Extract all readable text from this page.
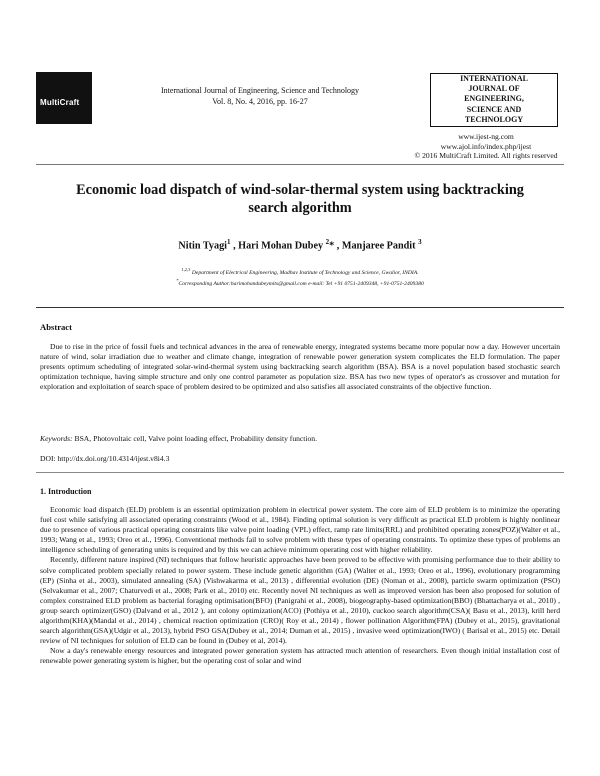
MultiCraft
International Journal of Engineering, Science and Technology
Vol. 8, No. 4, 2016, pp. 16-27
INTERNATIONAL
JOURNAL OF
ENGINEERING,
SCIENCE AND
TECHNOLOGY
www.ijest-ng.com
www.ajol.info/index.php/ijest
© 2016 MultiCraft Limited. All rights reserved
Economic load dispatch of wind-solar-thermal system using backtracking
search algorithm
Nitin Tyagi$^1$ , Hari Mohan Dubey $^2$* , Manjaree Pandit $^3$
$^{1,2,3}$ Department of Electrical Engineering, Madhav Institute of Technology and Science, Gwalior, INDIA.
*Corresponding Author:harimohandubeymits@gmail.com e-mail: Tel +91 0751-2409348, +91-0751-2409380
Abstract

Due to rise in the price of fossil fuels and technical advances in the area of renewable energy, integrated systems became more popular now a day. However uncertain nature of wind, solar irradiation due to weather and climate change, integration of renewable power generation system complicates the ELD formulation. The paper presents optimum scheduling of integrated solar-wind-thermal system using backtracking search algorithm (BSA). BSA is a novel population based stochastic search optimization technique, having simple structure and only one control parameter as population size. BSA has two new types of operator's as crossover and mutation for exploration and exploitation of search space of problem desired to be optimized and also satisfies all associated constraints of the objective function.

Keywords: BSA, Photovoltaic cell, Valve point loading effect, Probability density function.
DOI: http://dx.doi.org/10.4314/ijest.v8i4.3
1. Introduction

Economic load dispatch (ELD) problem is an essential optimization problem in electrical power system. The core aim of ELD problem is to minimize the operating fuel cost while satisfying all associated operating constraints (Wood et al., 1984). Finding optimal solution is very difficult as practical ELD problem is highly nonlinear due to presence of various practical operating constraints like valve point loading (VPL) effect, ramp rate limits(RRL) and prohibited operating zones(POZ)(Walter et al., 1993; Wang et al., 1993; Oreo et al., 1996). Conventional methods fail to solve problem with these types of operating constraints. To optimize these types of problems an intelligence scheduling of generating units is required and by this we can achieve minimum operating cost with higher reliability.

Recently, different nature inspired (NI) techniques that follow heuristic approaches have been proved to be effective with promising performance due to their ability to solve complicated problem specially related to power system. These include genetic algorithm (GA) (Walter et al., 1993; Oreo et al., 1996), evolutionary programming (EP) (Sinha et al., 2003), simulated annealing (SA) (Vishwakarma et al., 2013) , differential evolution (DE) (Noman et al., 2008), particle swarm optimization (PSO) (Selvakumar et al., 2007; Chaturvedi et al., 2008; Park et al., 2010) etc. Recently novel NI techniques as well as improved version has been also proposed for solution of complex constrained ELD problem as bacterial foraging optimisation(BFO) (Panigrahi et al., 2008), biogeography-based optimization(BBO) (Bhattacharya et al., 2010) , group search optimizer(GSO) (Dalvand et al., 2012 ), ant colony optimization(ACO) (Pothiya et al., 2010), cuckoo search algorithm(CSA)( Basu et al., 2013), krill herd algorithm(KHA)(Mandal et al., 2014) , chemical reaction optimization (CRO)( Roy et al., 2014) , flower pollination Algorithm(FPA) (Dubey et al., 2015), gravitational search algorithm(GSA)(Udgir et al., 2013), hybrid PSO GSA(Dubey et al., 2014; Duman et al., 2015) , invasive weed optimization(IWO) ( Barisal et al., 2015) etc. Detail review of NI techniques for solution of ELD can be found in (Dubey et al, 2014).

Now a day's renewable energy resources and integrated power generation system has attracted much attention of researchers. Even though initial installation cost of renewable power generating system is higher, but the operating cost of solar and wind
